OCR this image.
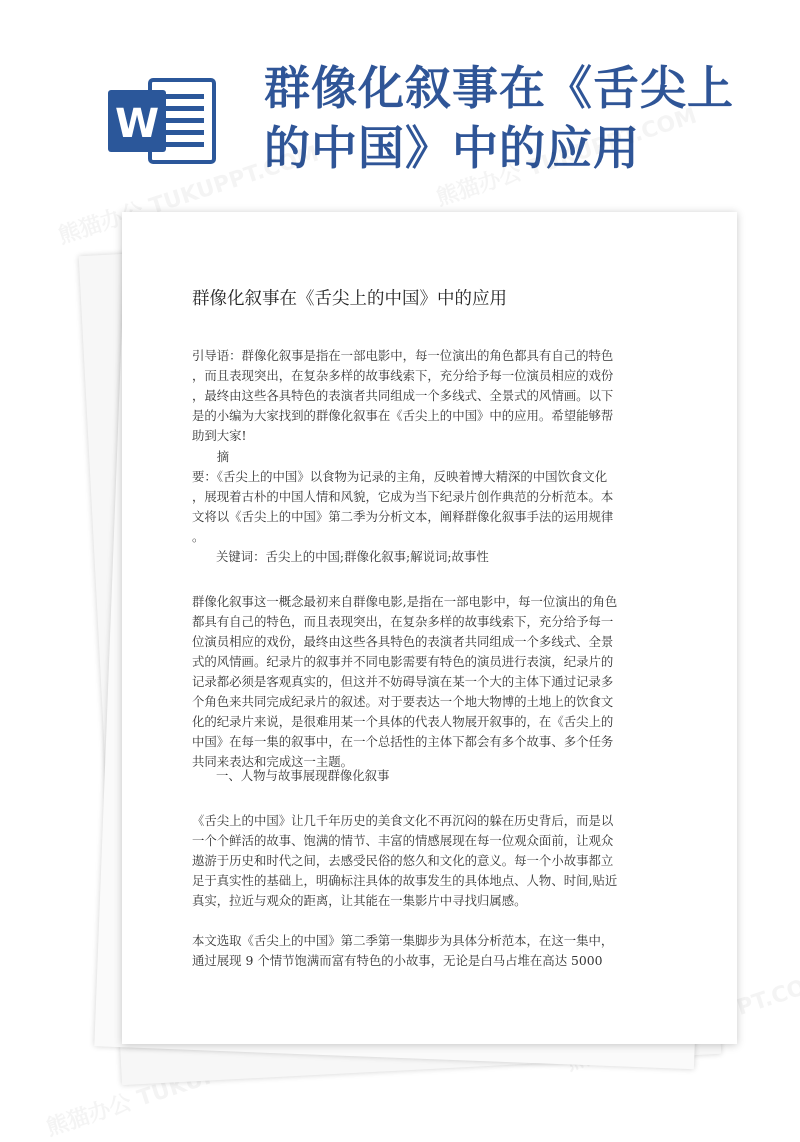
W
群像化叙事在《舌尖上
的中国》中的应用
群像化叙事在《舌尖上的中国》中的应用
引导语：群像化叙事是指在一部电影中，每一位演出的角色都具有自己的特色
，而且表现突出，在复杂多样的故事线索下，充分给予每一位演员相应的戏份
，最终由这些各具特色的表演者共同组成一个多线式、全景式的风情画。以下
是的小编为大家找到的群像化叙事在《舌尖上的中国》中的应用。希望能够帮
助到大家!
　　摘
要：《舌尖上的中国》以食物为记录的主角，反映着博大精深的中国饮食文化
，展现着古朴的中国人情和风貌，它成为当下纪录片创作典范的分析范本。本
文将以《舌尖上的中国》第二季为分析文本，阐释群像化叙事手法的运用规律
。
关键词：舌尖上的中国;群像化叙事;解说词;故事性
群像化叙事这一概念最初来自群像电影,是指在一部电影中，每一位演出的角色
都具有自己的特色，而且表现突出，在复杂多样的故事线索下，充分给予每一
位演员相应的戏份，最终由这些各具特色的表演者共同组成一个多线式、全景
式的风情画。纪录片的叙事并不同电影需要有特色的演员进行表演，纪录片的
记录都必须是客观真实的，但这并不妨碍导演在某一个大的主体下通过记录多
个角色来共同完成纪录片的叙述。对于要表达一个地大物博的土地上的饮食文
化的纪录片来说，是很难用某一个具体的代表人物展开叙事的，在《舌尖上的
中国》在每一集的叙事中，在一个总括性的主体下都会有多个故事、多个任务
共同来表达和完成这一主题。
一、人物与故事展现群像化叙事
《舌尖上的中国》让几千年历史的美食文化不再沉闷的躲在历史背后，而是以
一个个鲜活的故事、饱满的情节、丰富的情感展现在每一位观众面前，让观众
遨游于历史和时代之间，去感受民俗的悠久和文化的意义。每一个小故事都立
足于真实性的基础上，明确标注具体的故事发生的具体地点、人物、时间,贴近
真实，拉近与观众的距离，让其能在一集影片中寻找归属感。
本文选取《舌尖上的中国》第二季第一集脚步为具体分析范本，在这一集中，
通过展现 9 个情节饱满而富有特色的小故事，无论是白马占堆在高达 5000
